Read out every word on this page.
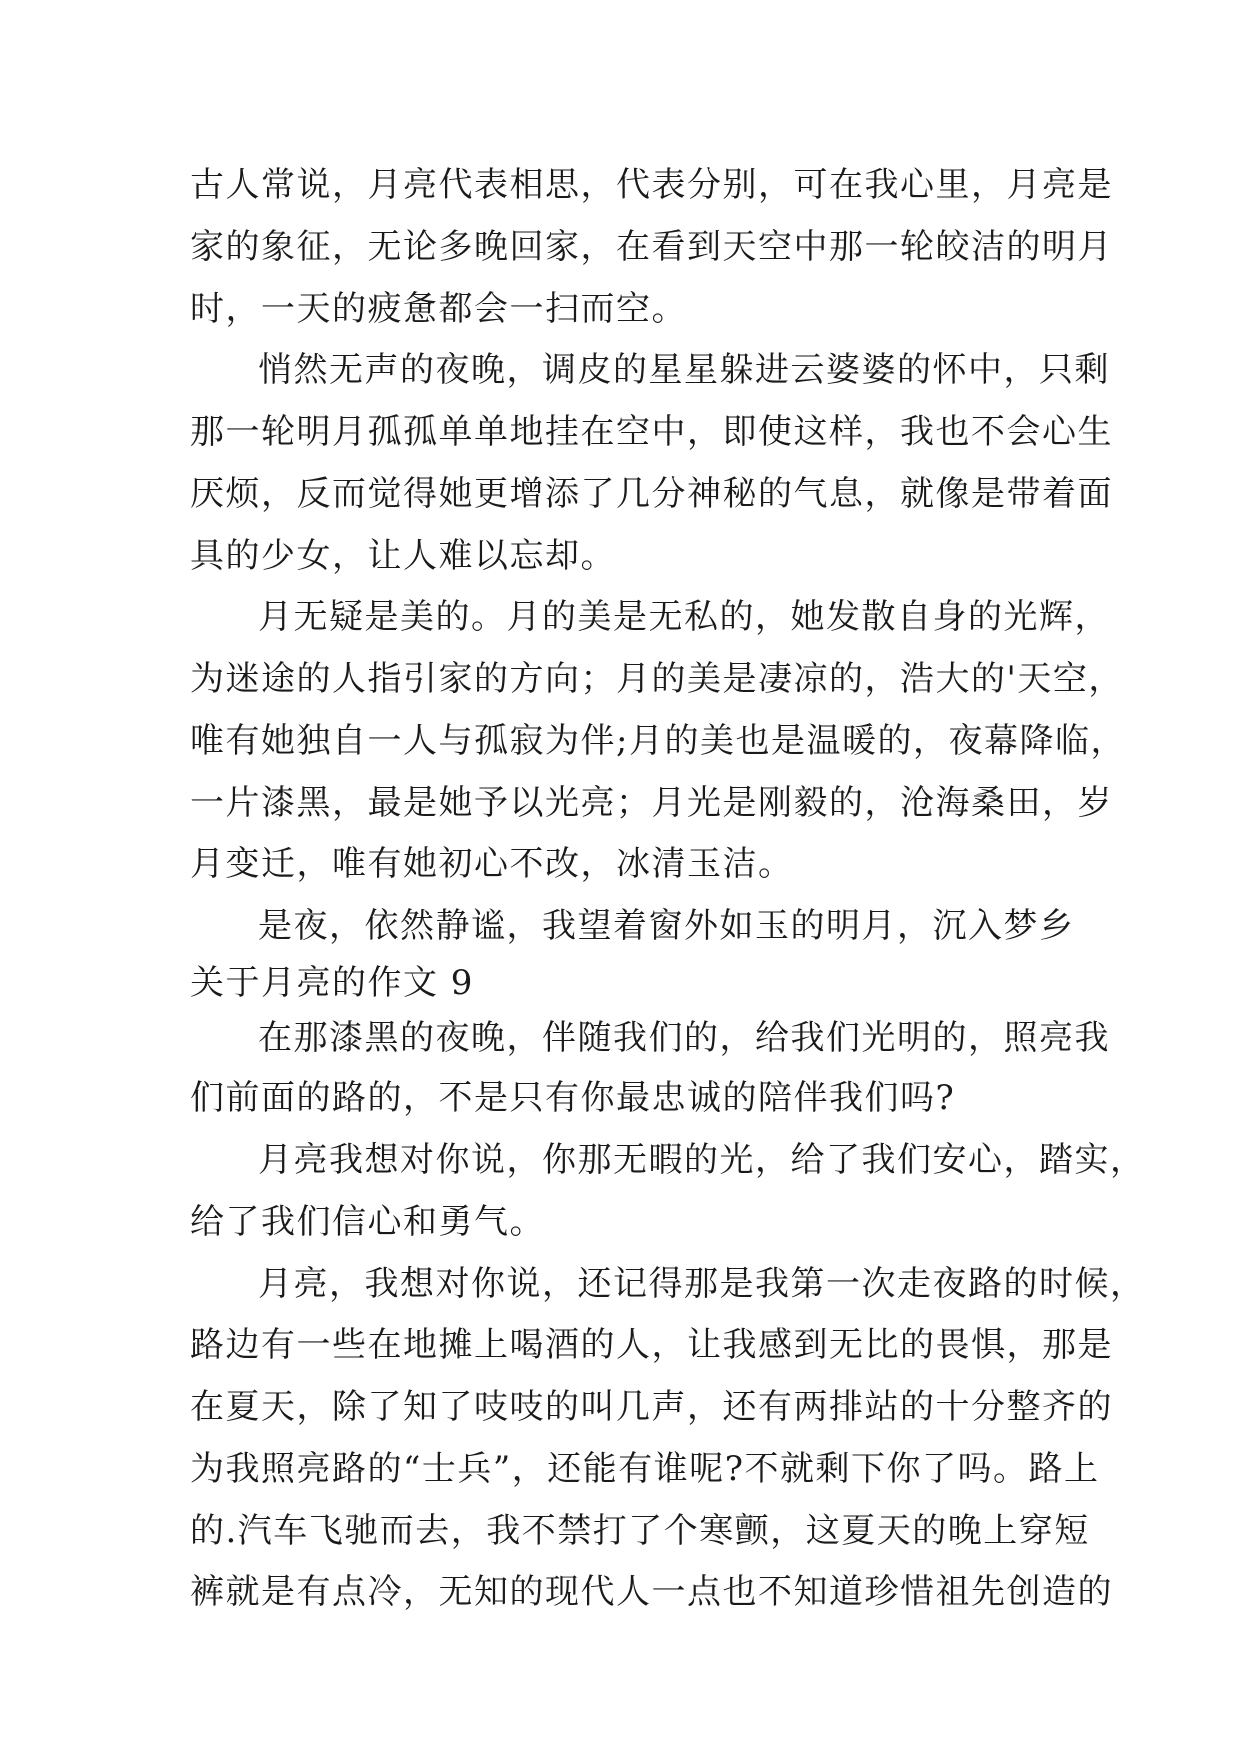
古人常说，月亮代表相思，代表分别，可在我心里，月亮是

家的象征，无论多晚回家，在看到天空中那一轮皎洁的明月

时，一天的疲惫都会一扫而空。

悄然无声的夜晚，调皮的星星躲进云婆婆的怀中，只剩

那一轮明月孤孤单单地挂在空中，即使这样，我也不会心生

厌烦，反而觉得她更增添了几分神秘的气息，就像是带着面

具的少女，让人难以忘却。

月无疑是美的。月的美是无私的，她发散自身的光辉，

为迷途的人指引家的方向；月的美是凄凉的，浩大的'天空，

唯有她独自一人与孤寂为伴;月的美也是温暖的，夜幕降临，

一片漆黑，最是她予以光亮；月光是刚毅的，沧海桑田，岁

月变迁，唯有她初心不改，冰清玉洁。

是夜，依然静谧，我望着窗外如玉的明月，沉入梦乡

关于月亮的作文 9

在那漆黑的夜晚，伴随我们的，给我们光明的，照亮我

们前面的路的，不是只有你最忠诚的陪伴我们吗?

月亮我想对你说，你那无暇的光，给了我们安心，踏实，

给了我们信心和勇气。

月亮，我想对你说，还记得那是我第一次走夜路的时候，

路边有一些在地摊上喝酒的人，让我感到无比的畏惧，那是

在夏天，除了知了吱吱的叫几声，还有两排站的十分整齐的

为我照亮路的“士兵”，还能有谁呢?不就剩下你了吗。路上

的.汽车飞驰而去，我不禁打了个寒颤，这夏天的晚上穿短

裤就是有点冷，无知的现代人一点也不知道珍惜祖先创造的
